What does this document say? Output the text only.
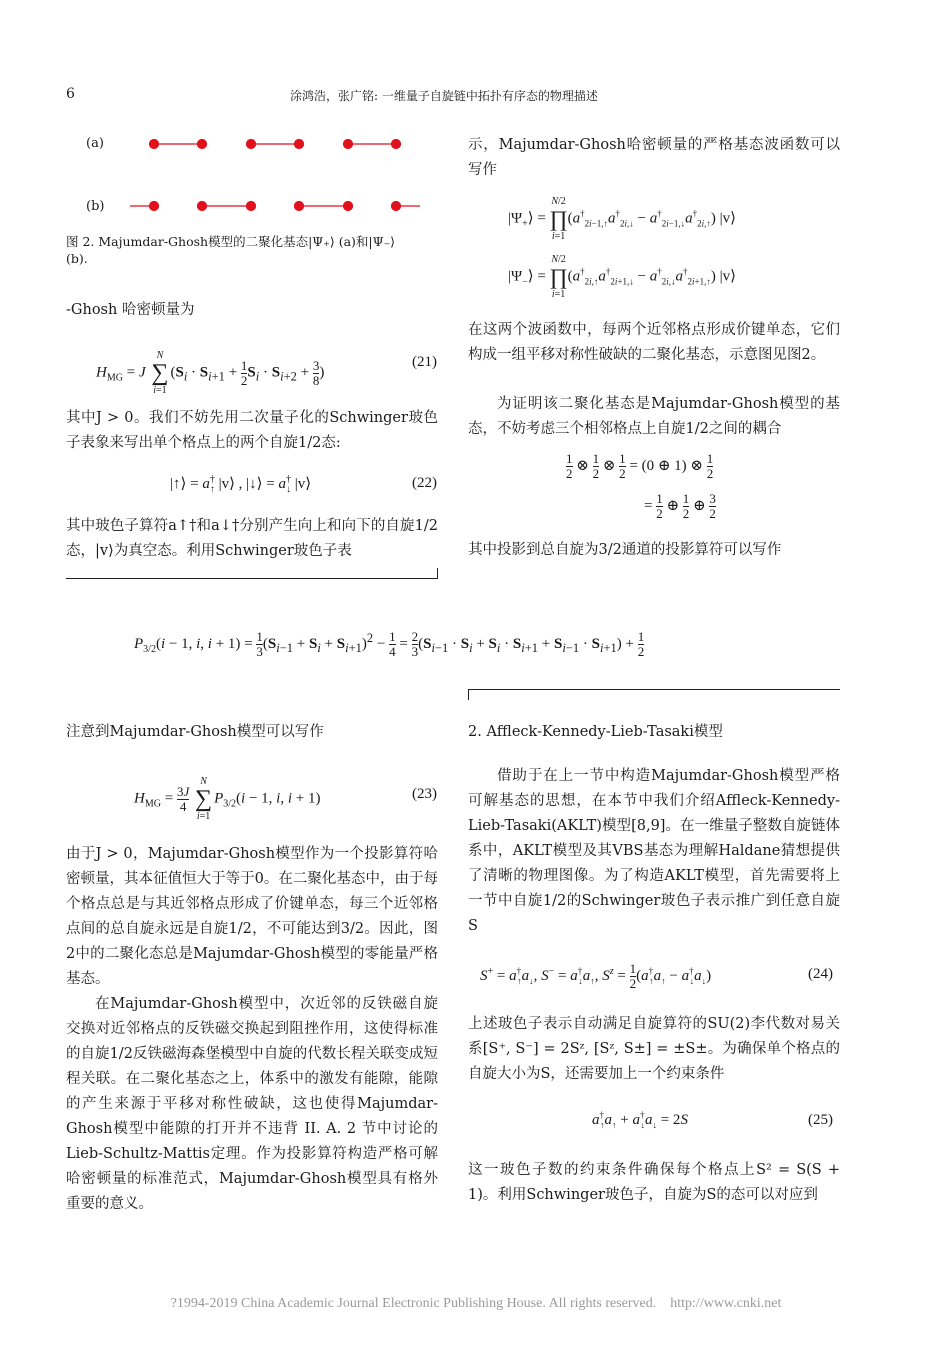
6	涂鸿浩，张广铭: 一维量子自旋链中拓扑有序态的物理描述
(a)
(b)
图 2. Majumdar-Ghosh模型的二聚化基态|Ψ₊⟩ (a)和|Ψ₋⟩
(b).
-Ghosh 哈密顿量为
$H_{MG} = J$ N
∑
$i=1(S_i \cdot S_{i+1} + 1$
$2S_i \cdot S_{i+2} + 3$
8)
(21)
其中J > 0。我们不妨先用二次量子化的Schwinger玻色子表象来写出单个格点上的两个自旋1/2态:
|↑⟩ = $a^\dagger_↑$ |v⟩ , |↓⟩ = $a^\dagger_↓$ |v⟩	(22)
其中玻色子算符a↑†和a↓†分别产生向上和向下的自旋1/2态，|v⟩为真空态。利用Schwinger玻色子表
示，Majumdar-Ghosh哈密顿量的严格基态波函数可以写作
$|\Psi_+⟩ = N/2$
∏
$i=1(a^\dagger_{2i-1,↑}a^\dagger_{2i,↓} - a^\dagger_{2i-1,↓}a^\dagger_{2i,↑})$ |v⟩
$|\Psi_-⟩ = N/2$
∏
$i=1(a^\dagger_{2i,↑}a^\dagger_{2i+1,↓} - a^\dagger_{2i,↓}a^\dagger_{2i+1,↑})$ |v⟩
在这两个波函数中，每两个近邻格点形成价键单态，它们构成一组平移对称性破缺的二聚化基态，示意图见图2。

为证明该二聚化基态是Majumdar-Ghosh模型的基态，不妨考虑三个相邻格点上自旋1/2之间的耦合

1
2 ⊗ 1
2 ⊗ 1
2 = (0 ⊕ 1) ⊗ 1
2
= 1
2 ⊕ 1
2 ⊕ 3
2
其中投影到总自旋为3/2通道的投影算符可以写作
$P_{3/2}(i - 1$, i, i + 1) = 1
$3(S_{i-1} + S_i + S_{i+1})^2 - 1$
4 = 2
$3(S_{i-1} \cdot S_i + S_i \cdot S_{i+1} + S_{i-1} \cdot S_{i+1}) + 1$
2
注意到Majumdar-Ghosh模型可以写作
$H_{MG} = 3J$
4 N
∑
$i=1P_{3/2}(i - 1$, i, i + 1)	(23)
由于J > 0，Majumdar-Ghosh模型作为一个投影算符哈密顿量，其本征值恒大于等于0。在二聚化基态中，由于每个格点总是与其近邻格点形成了价键单态，每三个近邻格点间的总自旋永远是自旋1/2，不可能达到3/2。因此，图2中的二聚化态总是Majumdar-Ghosh模型的零能量严格基态。

在Majumdar-Ghosh模型中，次近邻的反铁磁自旋交换对近邻格点的反铁磁交换起到阻挫作用，这使得标准的自旋1/2反铁磁海森堡模型中自旋的代数长程关联变成短程关联。在二聚化基态之上，体系中的激发有能隙，能隙的产生来源于平移对称性破缺，这也使得Majumdar-Ghosh模型中能隙的打开并不违背 II. A. 2 节中讨论的Lieb-Schultz-Mattis定理。作为投影算符构造严格可解哈密顿量的标准范式，Majumdar-Ghosh模型具有格外重要的意义。

2. Affleck-Kennedy-Lieb-Tasaki模型

借助于在上一节中构造Majumdar-Ghosh模型严格可解基态的思想，在本节中我们介绍Affleck-Kennedy-Lieb-Tasaki(AKLT)模型[8,9]。在一维量子整数自旋链体系中，AKLT模型及其VBS基态为理解Haldane猜想提供了清晰的物理图像。为了构造AKLT模型，首先需要将上一节中自旋1/2的Schwinger玻色子表示推广到任意自旋S

$S^+ = a^\dagger_↑a_↓$, $S^- = a^\dagger_↓a_↑$, $S^z = 1$
$2(a^\dagger_↑a_↑ - a^\dagger_↓a_↓)$	(24)
上述玻色子表示自动满足自旋算符的SU(2)李代数对易关系[S⁺, S⁻] = 2Sᶻ, [Sᶻ, S±] = ±S±。为确保单个格点的自旋大小为S，还需要加上一个约束条件
$a^\dagger_↑a_↑ + a^\dagger_↓a_↓ = 2S$	(25)
这一玻色子数的约束条件确保每个格点上S² = S(S + 1)。利用Schwinger玻色子，自旋为S的态可以对应到
?1994-2019 China Academic Journal Electronic Publishing House. All rights reserved.    http://www.cnki.net
